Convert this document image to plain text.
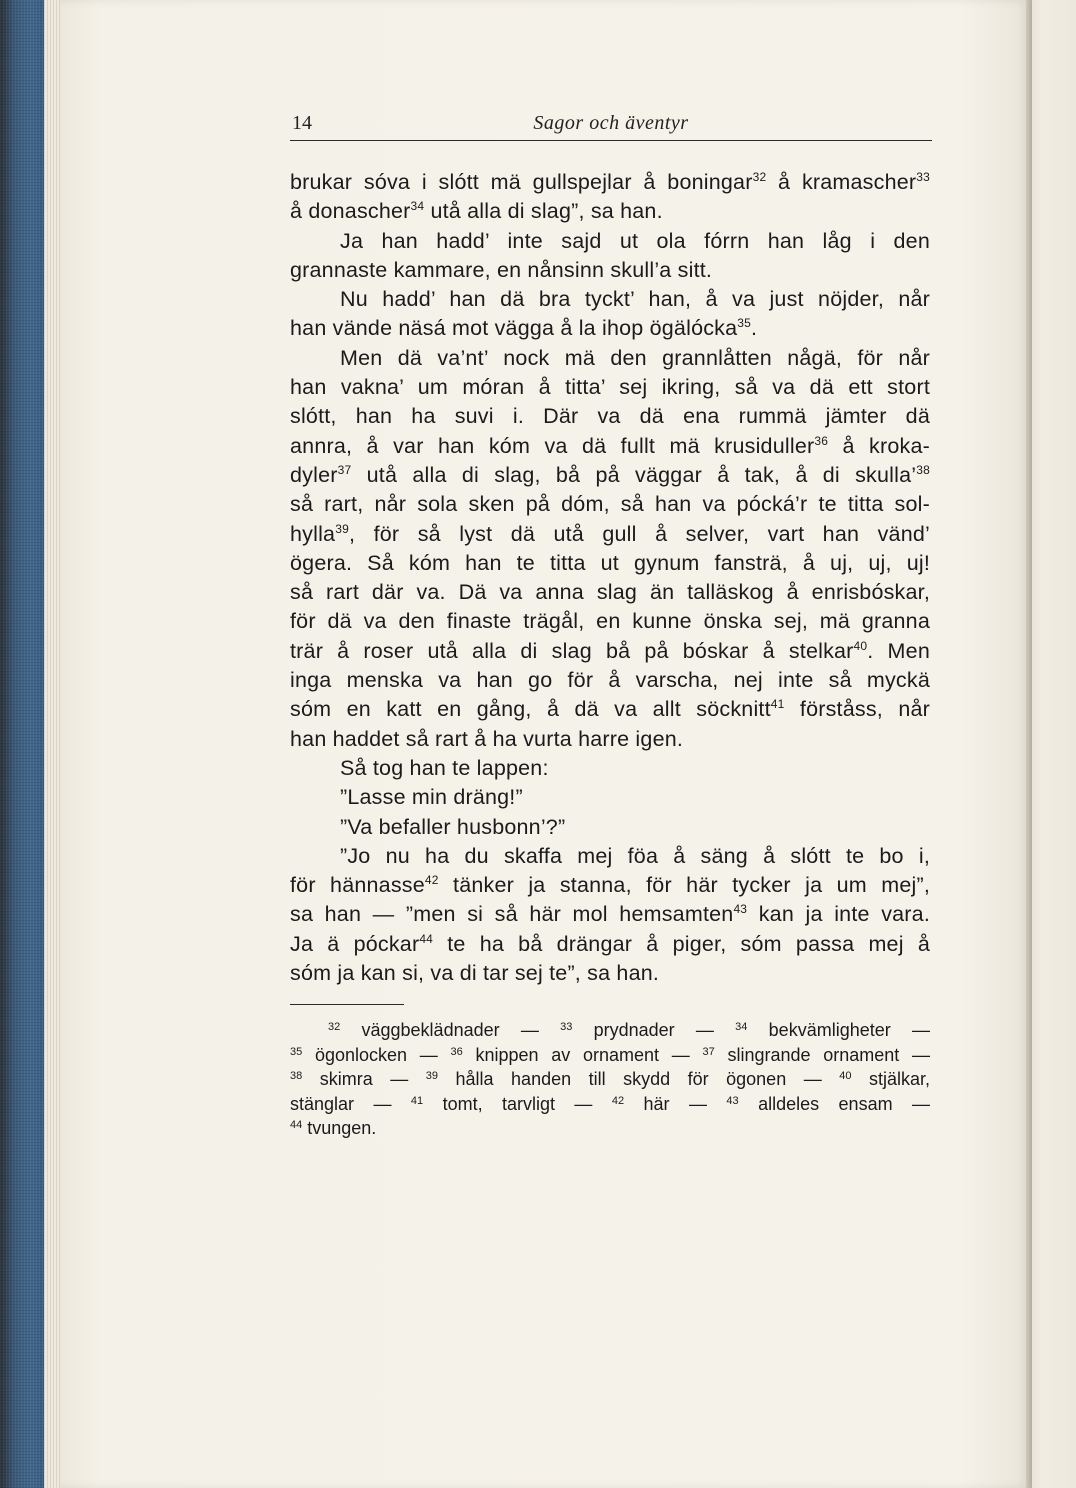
14	Sagor och äventyr
brukar sóva i slótt mä gullspejlar å boningar$^{32}$ å kramascher$^{33}$
å donascher$^{34}$ utå alla di slag”, sa han.
Ja han hadd’ inte sajd ut ola fórrn han låg i den
grannaste kammare, en nånsinn skull’a sitt.
Nu hadd’ han dä bra tyckt’ han, å va just nöjder, når
han vände näsá mot vägga å la ihop ögälócka$^{35}$.
Men dä va’nt’ nock mä den grannlåtten någä, för når
han vakna’ um móran å titta’ sej ikring, så va dä ett stort
slótt, han ha suvi i. Där va dä ena rummä jämter dä
annra, å var han kóm va dä fullt mä krusiduller$^{36}$ å kroka-
dyler$^{37}$ utå alla di slag, bå på väggar å tak, å di skulla’$^{38}$
så rart, når sola sken på dóm, så han va pócká’r te titta sol-
hylla$^{39}$, för så lyst dä utå gull å selver, vart han vänd’
ögera. Så kóm han te titta ut gynum fansträ, å uj, uj, uj!
så rart där va. Dä va anna slag än talläskog å enrisbóskar,
för dä va den finaste trägål, en kunne önska sej, mä granna
trär å roser utå alla di slag bå på bóskar å stelkar$^{40}$. Men
inga menska va han go för å varscha, nej inte så myckä
sóm en katt en gång, å dä va allt söcknitt$^{41}$ förståss, når
han haddet så rart å ha vurta harre igen.
Så tog han te lappen:
”Lasse min dräng!”
”Va befaller husbonn’?”
”Jo nu ha du skaffa mej föa å säng å slótt te bo i,
för hännasse$^{42}$ tänker ja stanna, för här tycker ja um mej”,
sa han — ”men si så här mol hemsamten$^{43}$ kan ja inte vara.
Ja ä póckar$^{44}$ te ha bå drängar å piger, sóm passa mej å
sóm ja kan si, va di tar sej te”, sa han.
$^{32}$ väggbeklädnader — $^{33}$ prydnader — $^{34}$ bekvämligheter —
$^{35}$ ögonlocken — $^{36}$ knippen av ornament — $^{37}$ slingrande ornament —
$^{38}$ skimra — $^{39}$ hålla handen till skydd för ögonen — $^{40}$ stjälkar,
stänglar — $^{41}$ tomt, tarvligt — $^{42}$ här — $^{43}$ alldeles ensam —
$^{44}$ tvungen.
